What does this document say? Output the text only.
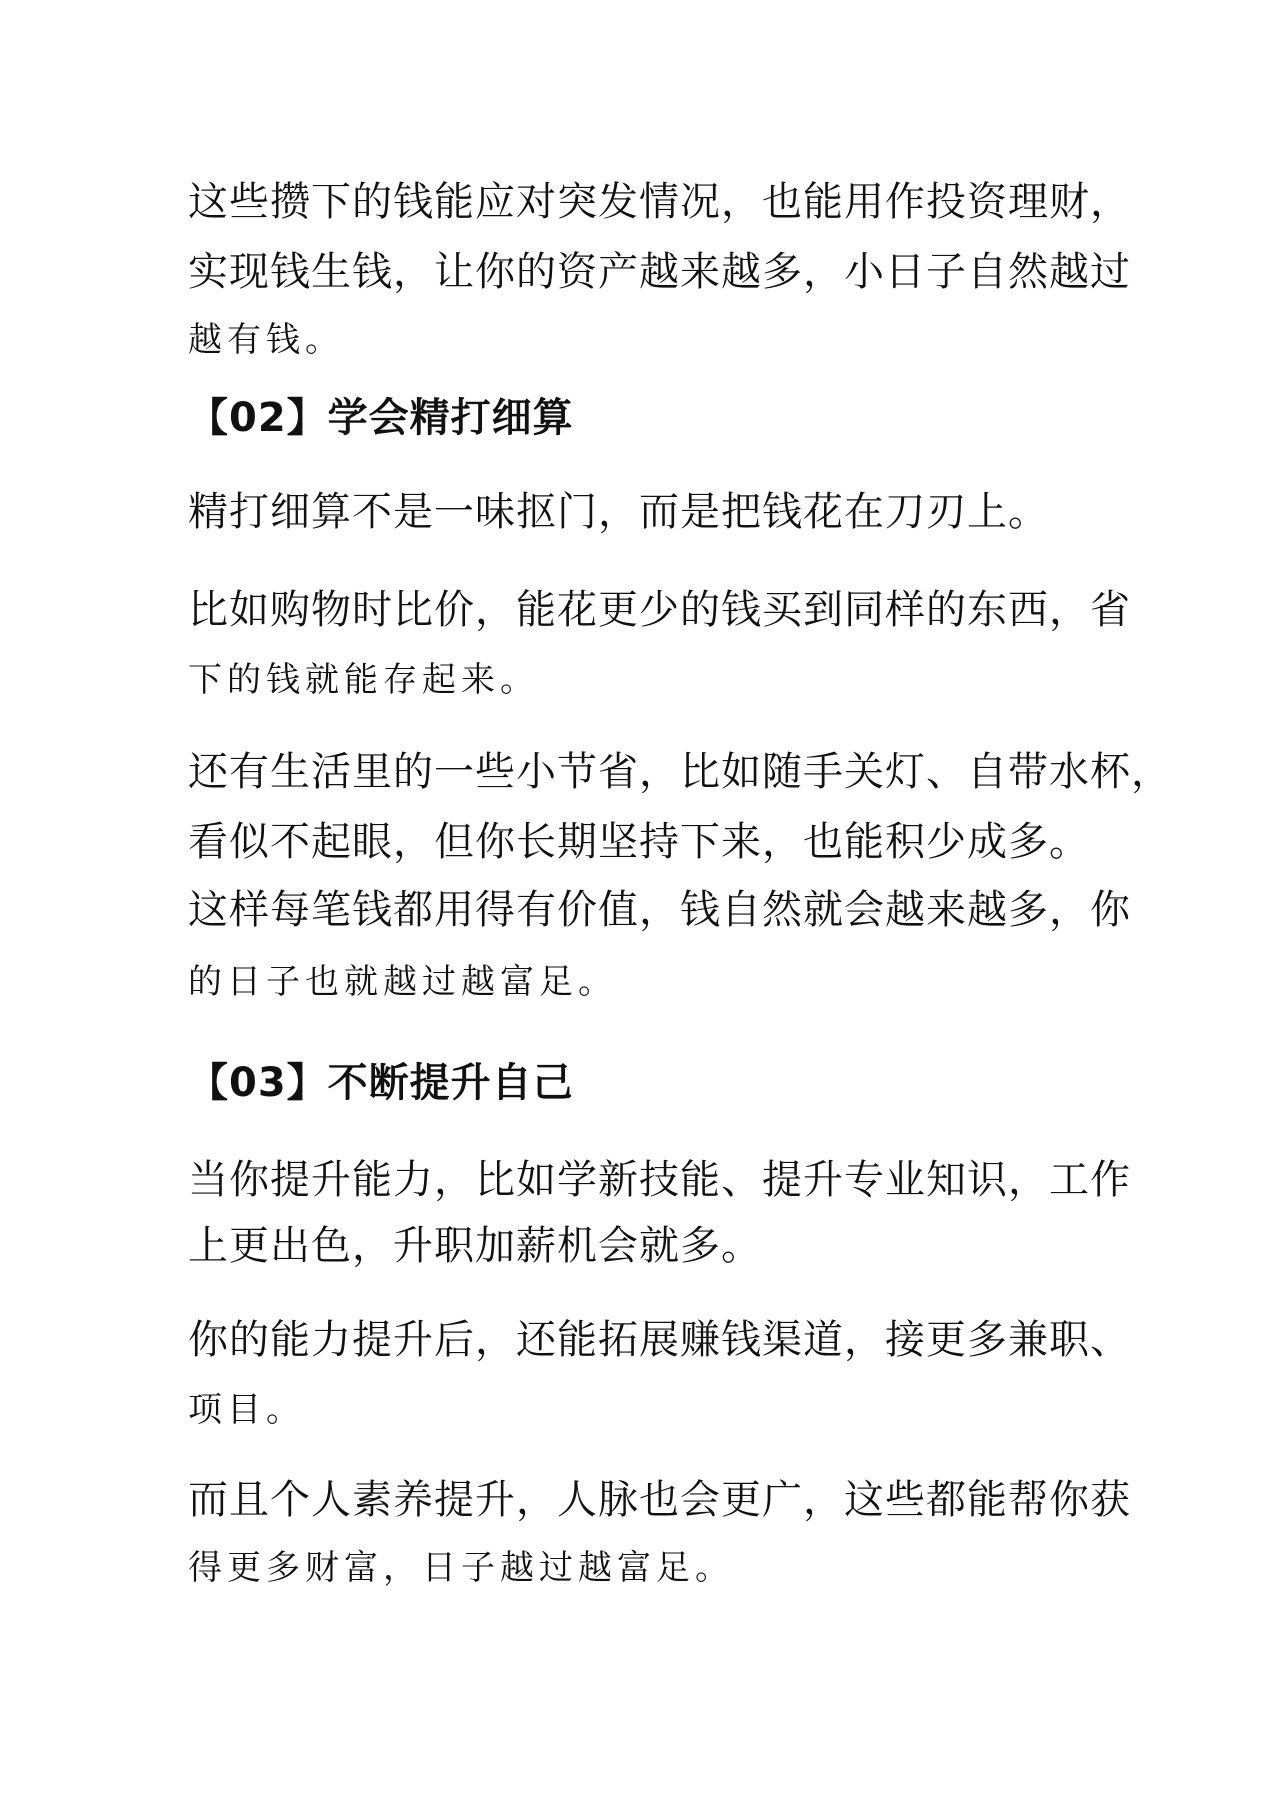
这些攒下的钱能应对突发情况，也能用作投资理财，
实现钱生钱，让你的资产越来越多，小日子自然越过
越有钱。
【02】学会精打细算
精打细算不是一味抠门，而是把钱花在刀刃上。
比如购物时比价，能花更少的钱买到同样的东西，省
下的钱就能存起来。
还有生活里的一些小节省，比如随手关灯、自带水杯，
看似不起眼，但你长期坚持下来，也能积少成多。
这样每笔钱都用得有价值，钱自然就会越来越多，你
的日子也就越过越富足。
【03】不断提升自己
当你提升能力，比如学新技能、提升专业知识，工作
上更出色，升职加薪机会就多。
你的能力提升后，还能拓展赚钱渠道，接更多兼职、
项目。
而且个人素养提升，人脉也会更广，这些都能帮你获
得更多财富，日子越过越富足。
